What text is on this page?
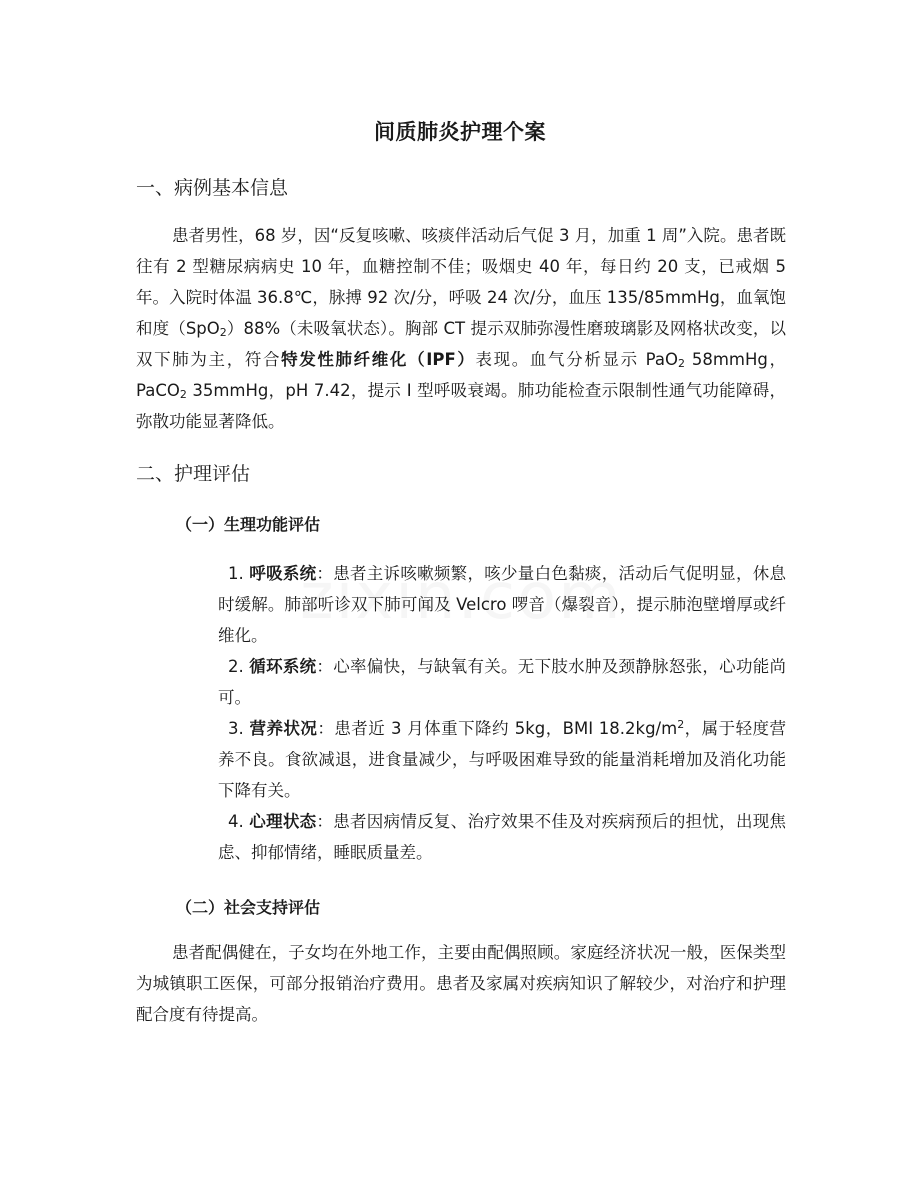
间质肺炎护理个案
一、病例基本信息
患者男性，68 岁，因“反复咳嗽、咳痰伴活动后气促 3 月，加重 1 周”入院。患者既往有 2 型糖尿病病史 10 年，血糖控制不佳；吸烟史 40 年，每日约 20 支，已戒烟 5 年。入院时体温 36.8℃，脉搏 92 次/分，呼吸 24 次/分，血压 135/85mmHg，血氧饱和度（SpO$_2$）88%（未吸氧状态）。胸部 CT 提示双肺弥漫性磨玻璃影及网格状改变，以双下肺为主，符合特发性肺纤维化（IPF）表现。血气分析显示 PaO$_2$ 58mmHg，PaCO$_2$ 35mmHg，pH 7.42，提示 I 型呼吸衰竭。肺功能检查示限制性通气功能障碍，弥散功能显著降低。
二、护理评估
（一）生理功能评估
1. 呼吸系统：患者主诉咳嗽频繁，咳少量白色黏痰，活动后气促明显，休息时缓解。肺部听诊双下肺可闻及 Velcro 啰音（爆裂音），提示肺泡壁增厚或纤维化。
2. 循环系统：心率偏快，与缺氧有关。无下肢水肿及颈静脉怒张，心功能尚可。
3. 营养状况：患者近 3 月体重下降约 5kg，BMI $18.2kg/m^2$，属于轻度营养不良。食欲减退，进食量减少，与呼吸困难导致的能量消耗增加及消化功能下降有关。
4. 心理状态：患者因病情反复、治疗效果不佳及对疾病预后的担忧，出现焦虑、抑郁情绪，睡眠质量差。
（二）社会支持评估
患者配偶健在，子女均在外地工作，主要由配偶照顾。家庭经济状况一般，医保类型为城镇职工医保，可部分报销治疗费用。患者及家属对疾病知识了解较少，对治疗和护理配合度有待提高。
